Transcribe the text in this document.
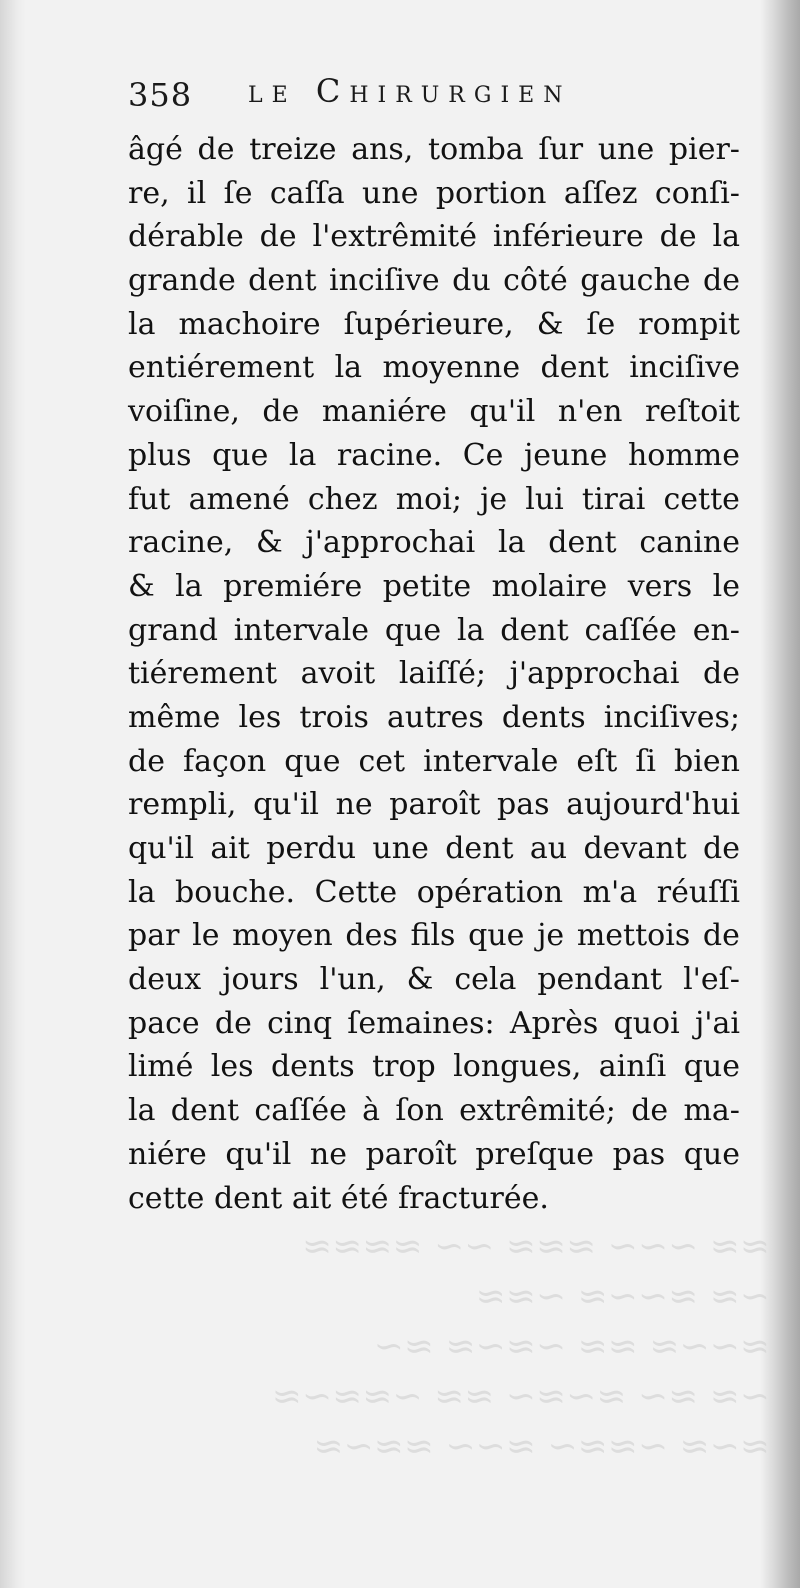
≈≈ ∼∼∼ ≈≈≈ ∼∼ ≈≈≈≈
∼≈ ≈∼∼≈ ∼≈≈
≈∼∼≈ ≈≈ ∼≈∼≈ ≈∼
∼≈ ≈∼ ≈∼≈∼ ≈≈ ∼≈≈∼≈
≈∼≈ ∼≈≈∼ ≈∼∼ ≈≈∼≈
358 le Chirurgien
âgé de treize ans, tomba ſur une pier-
re, il ſe caſſa une portion aſſez conſi-
dérable de l'extrêmité inférieure de la
grande dent inciſive du côté gauche de
la machoire ſupérieure, & ſe rompit
entiérement la moyenne dent inciſive
voiſine, de maniére qu'il n'en reſtoit
plus que la racine. Ce jeune homme
fut amené chez moi; je lui tirai cette
racine, & j'approchai la dent canine
& la premiére petite molaire vers le
grand intervale que la dent caſſée en-
tiérement avoit laiſſé; j'approchai de
même les trois autres dents inciſives;
de façon que cet intervale eſt ſi bien
rempli, qu'il ne paroît pas aujourd'hui
qu'il ait perdu une dent au devant de
la bouche. Cette opération m'a réuſſi
par le moyen des fils que je mettois de
deux jours l'un, & cela pendant l'eſ-
pace de cinq ſemaines: Après quoi j'ai
limé les dents trop longues, ainſi que
la dent caſſée à ſon extrêmité; de ma-
niére qu'il ne paroît preſque pas que
cette dent ait été fracturée.
